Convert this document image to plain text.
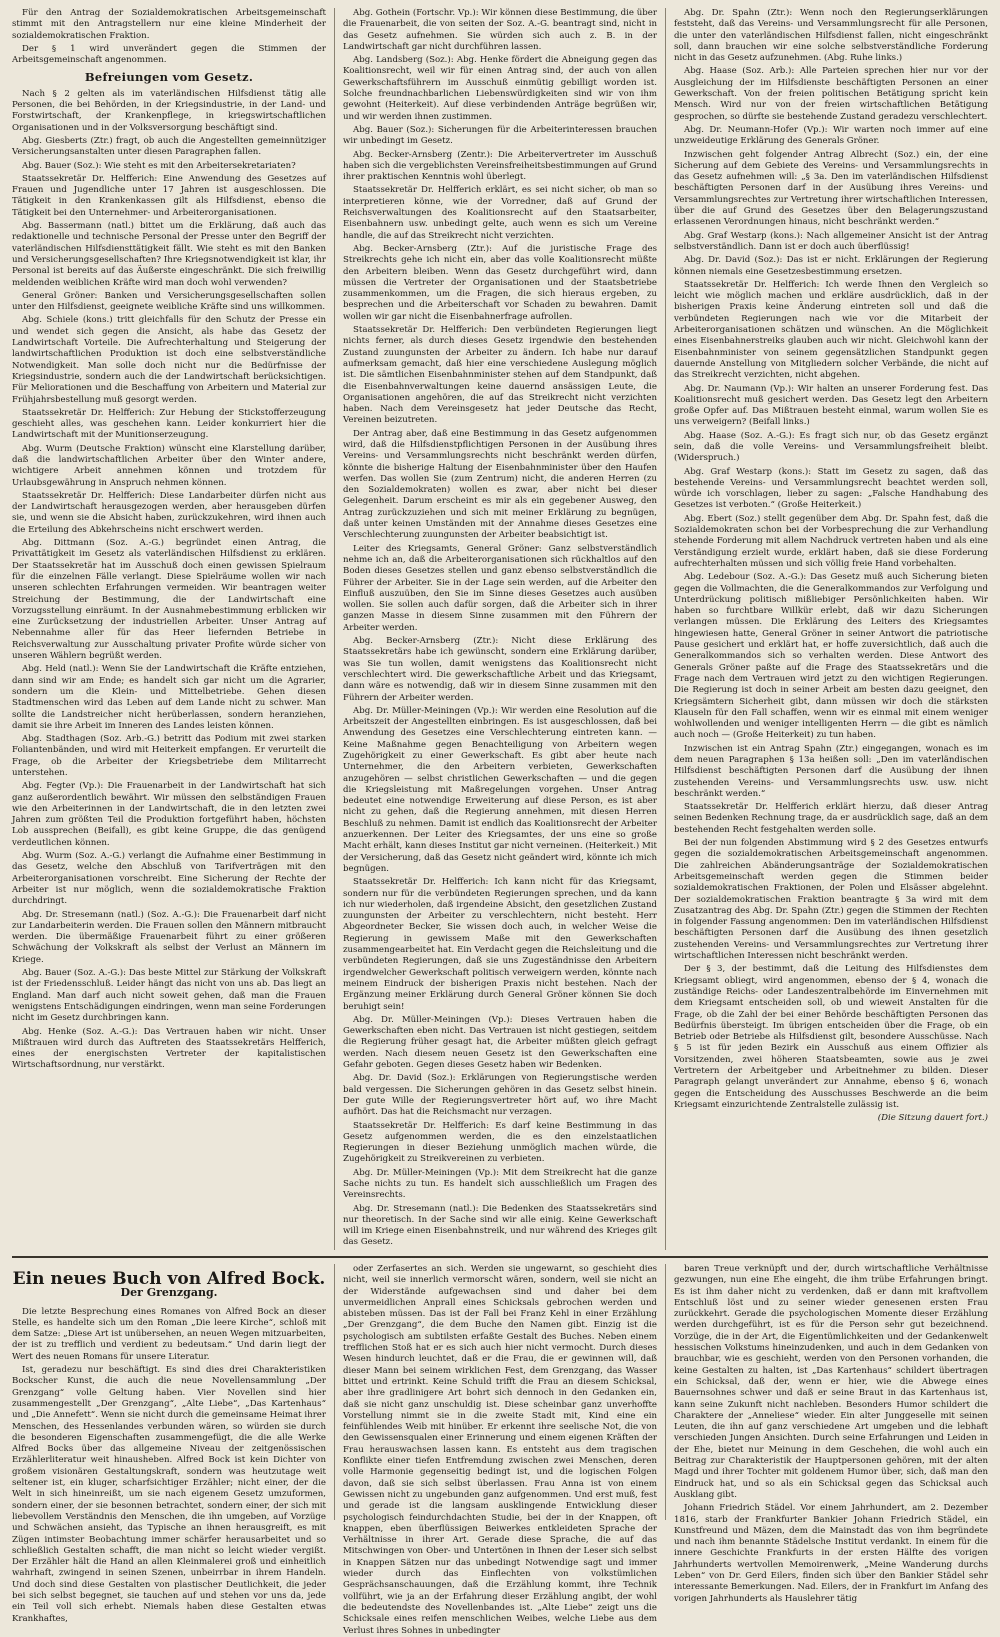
Für den Antrag der Sozialdemokratischen Arbeitsgemeinschaft stimmt mit den Antragstellern nur eine kleine Minderheit der sozialdemokratischen Fraktion.

Der § 1 wird unverändert gegen die Stimmen der Arbeitsgemeinschaft angenommen.

Befreiungen vom Gesetz.

Nach § 2 gelten als im vaterländischen Hilfsdienst tätig alle Personen, die bei Behörden, in der Kriegsindustrie, in der Land- und Forstwirtschaft, der Krankenpflege, in kriegswirtschaftlichen Organisationen und in der Volksversorgung beschäftigt sind.

Abg. Giesberts (Ztr.) fragt, ob auch die Angestellten gemeinnütziger Versicherungsanstalten unter diesen Paragraphen fallen.

Abg. Bauer (Soz.): Wie steht es mit den Arbeitersekretariaten?

Staatssekretär Dr. Helfferich: Eine Anwendung des Gesetzes auf Frauen und Jugendliche unter 17 Jahren ist ausgeschlossen. Die Tätigkeit in den Krankenkassen gilt als Hilfsdienst, ebenso die Tätigkeit bei den Unternehmer- und Arbeiterorganisationen.

Abg. Bassermann (natl.) bittet um die Erklärung, daß auch das redaktionelle und technische Personal der Presse unter den Begriff der vaterländischen Hilfsdiensttätigkeit fällt. Wie steht es mit den Banken und Versicherungsgesellschaften? Ihre Kriegsnotwendigkeit ist klar, ihr Personal ist bereits auf das Äußerste eingeschränkt. Die sich freiwillig meldenden weiblichen Kräfte wird man doch wohl verwenden?

General Gröner: Banken und Versicherungsgesellschaften sollen unter den Hilfsdienst, geeignete weibliche Kräfte sind uns willkommen.

Abg. Schiele (kons.) tritt gleichfalls für den Schutz der Presse ein und wendet sich gegen die Ansicht, als habe das Gesetz der Landwirtschaft Vorteile. Die Aufrechterhaltung und Steigerung der landwirtschaftlichen Produktion ist doch eine selbstverständliche Notwendigkeit. Man solle doch nicht nur die Bedürfnisse der Kriegsindustrie, sondern auch die der Landwirtschaft berücksichtigen. Für Meliorationen und die Beschaffung von Arbeitern und Material zur Frühjahrsbestellung muß gesorgt werden.

Staatssekretär Dr. Helfferich: Zur Hebung der Stickstofferzeugung geschieht alles, was geschehen kann. Leider konkurriert hier die Landwirtschaft mit der Munitionserzeugung.

Abg. Wurm (Deutsche Fraktion) wünscht eine Klarstellung darüber, daß die landwirtschaftlichen Arbeiter über den Winter andere, wichtigere Arbeit annehmen können und trotzdem für Urlaubsgewährung in Anspruch nehmen können.

Staatssekretär Dr. Helfferich: Diese Landarbeiter dürfen nicht aus der Landwirtschaft herausgezogen werden, aber herausgeben dürfen sie, und wenn sie die Absicht haben, zurückzukehren, wird ihnen auch die Erteilung des Abkehrscheins nicht erschwert werden.

Abg. Dittmann (Soz. A.-G.) begründet einen Antrag, die Privattätigkeit im Gesetz als vaterländischen Hilfsdienst zu erklären. Der Staatssekretär hat im Ausschuß doch einen gewissen Spielraum für die einzelnen Fälle verlangt. Diese Spielräume wollen wir nach unseren schlechten Erfahrungen vermeiden. Wir beantragen weiter Streichung der Bestimmung, die der Landwirtschaft eine Vorzugsstellung einräumt. In der Ausnahmebestimmung erblicken wir eine Zurücksetzung der industriellen Arbeiter. Unser Antrag auf Nebennahme aller für das Heer liefernden Betriebe in Reichsverwaltung zur Ausschaltung privater Profite würde sicher von unseren Wählern begrüßt werden.

Abg. Held (natl.): Wenn Sie der Landwirtschaft die Kräfte entziehen, dann sind wir am Ende; es handelt sich gar nicht um die Agrarier, sondern um die Klein- und Mittelbetriebe. Gehen diesen Stadtmenschen wird das Leben auf dem Lande nicht zu schwer. Man sollte die Landstreicher nicht herüberlassen, sondern heranziehen, damit sie ihre Arbeit im Inneren des Landes leisten können.

Abg. Stadthagen (Soz. Arb.-G.) betritt das Podium mit zwei starken Foliantenbänden, und wird mit Heiterkeit empfangen. Er verurteilt die Frage, ob die Arbeiter der Kriegsbetriebe dem Militarrecht unterstehen.

Abg. Fegter (Vp.): Die Frauenarbeit in der Landwirtschaft hat sich ganz außerordentlich bewährt. Wir müssen den selbständigen Frauen wie den Arbeiterinnen in der Landwirtschaft, die in den letzten zwei Jahren zum größten Teil die Produktion fortgeführt haben, höchsten Lob aussprechen (Beifall), es gibt keine Gruppe, die das genügend verdeutlichen können.

Abg. Wurm (Soz. A.-G.) verlangt die Aufnahme einer Bestimmung in das Gesetz, welche den Abschluß von Tarifverträgen mit den Arbeiterorganisationen vorschreibt. Eine Sicherung der Rechte der Arbeiter ist nur möglich, wenn die sozialdemokratische Fraktion durchdringt.

Abg. Dr. Stresemann (natl.) (Soz. A.-G.): Die Frauenarbeit darf nicht zur Landarbeiterin werden. Die Frauen sollen den Männern mitbraucht werden. Die übermäßige Frauenarbeit führt zu einer größeren Schwächung der Volkskraft als selbst der Verlust an Männern im Kriege.

Abg. Bauer (Soz. A.-G.): Das beste Mittel zur Stärkung der Volkskraft ist der Friedensschluß. Leider hängt das nicht von uns ab. Das liegt an England. Man darf auch nicht soweit gehen, daß man die Frauen wenigstens Entschädigungen eindringen, wenn man seine Forderungen nicht im Gesetz durchbringen kann.

Abg. Henke (Soz. A.-G.): Das Vertrauen haben wir nicht. Unser Mißtrauen wird durch das Auftreten des Staatssekretärs Helfferich, eines der energischsten Vertreter der kapitalistischen Wirtschaftsordnung, nur verstärkt.

Abg. Gothein (Fortschr. Vp.): Wir können diese Bestimmung, die über die Frauenarbeit, die von seiten der Soz. A.-G. beantragt sind, nicht in das Gesetz aufnehmen. Sie würden sich auch z. B. in der Landwirtschaft gar nicht durchführen lassen.

Abg. Landsberg (Soz.): Abg. Henke fördert die Abneigung gegen das Koalitionsrecht, weil wir für einen Antrag sind, der auch von allen Gewerkschaftsführern im Ausschuß einmütig gebilligt worden ist. Solche freundnachbarlichen Liebenswürdigkeiten sind wir von ihm gewohnt (Heiterkeit). Auf diese verbindenden Anträge begrüßen wir, und wir werden ihnen zustimmen.

Abg. Bauer (Soz.): Sicherungen für die Arbeiterinteressen brauchen wir unbedingt im Gesetz.

Abg. Becker-Arnsberg (Zentr.): Die Arbeitervertreter im Ausschuß haben sich die vergeblichsten Vereinsfreiheitsbestimmungen auf Grund ihrer praktischen Kenntnis wohl überlegt.

Staatssekretär Dr. Helfferich erklärt, es sei nicht sicher, ob man so interpretieren könne, wie der Vorredner, daß auf Grund der Reichsverwaltungen des Koalitionsrecht auf den Staatsarbeiter, Eisenbahnern usw. unbedingt gelte, auch wenn es sich um Vereine handle, die auf das Streikrecht nicht verzichten.

Abg. Becker-Arnsberg (Ztr.): Auf die juristische Frage des Streikrechts gehe ich nicht ein, aber das volle Koalitionsrecht müßte den Arbeitern bleiben. Wenn das Gesetz durchgeführt wird, dann müssen die Vertreter der Organisationen und der Staatsbetriebe zusammenkommen, um die Fragen, die sich hieraus ergeben, zu besprechen und die Arbeiterschaft vor Schaden zu bewahren. Damit wollen wir gar nicht die Eisenbahnerfrage aufrollen.

Staatssekretär Dr. Helfferich: Den verbündeten Regierungen liegt nichts ferner, als durch dieses Gesetz irgendwie den bestehenden Zustand zuungunsten der Arbeiter zu ändern. Ich habe nur darauf aufmerksam gemacht, daß hier eine verschiedene Auslegung möglich ist. Die sämtlichen Eisenbahnminister stehen auf dem Standpunkt, daß die Eisenbahnverwaltungen keine dauernd ansässigen Leute, die Organisationen angehören, die auf das Streikrecht nicht verzichten haben. Nach dem Vereinsgesetz hat jeder Deutsche das Recht, Vereinen beizutreten.

Der Antrag aber, daß eine Bestimmung in das Gesetz aufgenommen wird, daß die Hilfsdienstpflichtigen Personen in der Ausübung ihres Vereins- und Versammlungsrechts nicht beschränkt werden dürfen, könnte die bisherige Haltung der Eisenbahnminister über den Haufen werfen. Das wollen Sie (zum Zentrum) nicht, die anderen Herren (zu den Sozialdemokraten) wollen es zwar, aber nicht bei dieser Gelegenheit. Darum erscheint es mir als ein gegebener Ausweg, den Antrag zurückzuziehen und sich mit meiner Erklärung zu begnügen, daß unter keinen Umständen mit der Annahme dieses Gesetzes eine Verschlechterung zuungunsten der Arbeiter beabsichtigt ist.

Leiter des Kriegsamts, General Gröner: Ganz selbstverständlich nehme ich an, daß die Arbeiterorganisationen sich rückhaltlos auf den Boden dieses Gesetzes stellen und ganz ebenso selbstverständlich die Führer der Arbeiter. Sie in der Lage sein werden, auf die Arbeiter den Einfluß auszuüben, den Sie im Sinne dieses Gesetzes auch ausüben wollen. Sie sollen auch dafür sorgen, daß die Arbeiter sich in ihrer ganzen Masse in diesem Sinne zusammen mit den Führern der Arbeiter werden.

Abg. Becker-Arnsberg (Ztr.): Nicht diese Erklärung des Staatssekretärs habe ich gewünscht, sondern eine Erklärung darüber, was Sie tun wollen, damit wenigstens das Koalitionsrecht nicht verschlechtert wird. Die gewerkschaftliche Arbeit und das Kriegsamt, dann wäre es notwendig, daß wir in diesem Sinne zusammen mit den Führern der Arbeiter werden.

Abg. Dr. Müller-Meiningen (Vp.): Wir werden eine Resolution auf die Arbeitszeit der Angestellten einbringen. Es ist ausgeschlossen, daß bei Anwendung des Gesetzes eine Verschlechterung eintreten kann. — Keine Maßnahme gegen Benachteiligung von Arbeitern wegen Zugehörigkeit zu einer Gewerkschaft. Es gibt aber heute nach Unternehmer, die den Arbeitern verbieten, Gewerkschaften anzugehören — selbst christlichen Gewerkschaften — und die gegen die Kriegsleistung mit Maßregelungen vorgehen. Unser Antrag bedeutet eine notwendige Erweiterung auf diese Person, es ist aber nicht zu gehen, daß die Regierung annehmen, mit diesen Herren Beschluß zu nehmen. Damit ist endlich das Koalitionsrecht der Arbeiter anzuerkennen. Der Leiter des Kriegsamtes, der uns eine so große Macht erhält, kann dieses Institut gar nicht verneinen. (Heiterkeit.) Mit der Versicherung, daß das Gesetz nicht geändert wird, könnte ich mich begnügen.

Staatssekretär Dr. Helfferich: Ich kann nicht für das Kriegsamt, sondern nur für die verbündeten Regierungen sprechen, und da kann ich nur wiederholen, daß irgendeine Absicht, den gesetzlichen Zustand zuungunsten der Arbeiter zu verschlechtern, nicht besteht. Herr Abgeordneter Becker, Sie wissen doch auch, in welcher Weise die Regierung in gewissem Maße mit den Gewerkschaften zusammengearbeitet hat. Ein Verdacht gegen die Reichsleitung und die verbündeten Regierungen, daß sie uns Zugeständnisse den Arbeitern irgendwelcher Gewerkschaft politisch verweigern werden, könnte nach meinem Eindruck der bisherigen Praxis nicht bestehen. Nach der Ergänzung meiner Erklärung durch General Gröner können Sie doch beruhigt sein!

Abg. Dr. Müller-Meiningen (Vp.): Dieses Vertrauen haben die Gewerkschaften eben nicht. Das Vertrauen ist nicht gestiegen, seitdem die Regierung früher gesagt hat, die Arbeiter müßten gleich gefragt werden. Nach diesem neuen Gesetz ist den Gewerkschaften eine Gefahr geboten. Gegen dieses Gesetz haben wir Bedenken.

Abg. Dr. David (Soz.): Erklärungen von Regierungstische werden bald vergessen. Die Sicherungen gehören in das Gesetz selbst hinein. Der gute Wille der Regierungsvertreter hört auf, wo ihre Macht aufhört. Das hat die Reichsmacht nur verzagen.

Staatssekretär Dr. Helfferich: Es darf keine Bestimmung in das Gesetz aufgenommen werden, die es den einzelstaatlichen Regierungen in dieser Beziehung unmöglich machen würde, die Zugehörigkeit zu Streikvereinen zu verbieten.

Abg. Dr. Müller-Meiningen (Vp.): Mit dem Streikrecht hat die ganze Sache nichts zu tun. Es handelt sich ausschließlich um Fragen des Vereinsrechts.

Abg. Dr. Stresemann (natl.): Die Bedenken des Staatssekretärs sind nur theoretisch. In der Sache sind wir alle einig. Keine Gewerkschaft will im Kriege einen Eisenbahnstreik, und nur während des Krieges gilt das Gesetz.

Abg. Dr. Spahn (Ztr.): Wenn noch den Regierungserklärungen feststeht, daß das Vereins- und Versammlungsrecht für alle Personen, die unter den vaterländischen Hilfsdienst fallen, nicht eingeschränkt soll, dann brauchen wir eine solche selbstverständliche Forderung nicht in das Gesetz aufzunehmen. (Abg. Ruhe links.)

Abg. Haase (Soz. Arb.): Alle Parteien sprechen hier nur vor der Ausgleichung der im Hilfsdienste beschäftigten Personen an einer Gewerkschaft. Von der freien politischen Betätigung spricht kein Mensch. Wird nur von der freien wirtschaftlichen Betätigung gesprochen, so dürfte sie bestehende Zustand geradezu verschlechtert.

Abg. Dr. Neumann-Hofer (Vp.): Wir warten noch immer auf eine unzweideutige Erklärung des Generals Gröner.

Inzwischen geht folgender Antrag Albrecht (Soz.) ein, der eine Sicherung auf dem Gebiete des Vereins- und Versammlungsrechts in das Gesetz aufnehmen will: „§ 3a. Den im vaterländischen Hilfsdienst beschäftigten Personen darf in der Ausübung ihres Vereins- und Versammlungsrechtes zur Vertretung ihrer wirtschaftlichen Interessen, über die auf Grund des Gesetzes über den Belagerungszustand erlassenen Verordnungen hinaus, nicht beschränkt werden.“

Abg. Graf Westarp (kons.): Nach allgemeiner Ansicht ist der Antrag selbstverständlich. Dann ist er doch auch überflüssig!

Abg. Dr. David (Soz.): Das ist er nicht. Erklärungen der Regierung können niemals eine Gesetzesbestimmung ersetzen.

Staatssekretär Dr. Helfferich: Ich werde Ihnen den Vergleich so leicht wie möglich machen und erkläre ausdrücklich, daß in der bisherigen Praxis keine Änderung eintreten soll und daß die verbündeten Regierungen nach wie vor die Mitarbeit der Arbeiterorganisationen schätzen und wünschen. An die Möglichkeit eines Eisenbahnerstreiks glauben auch wir nicht. Gleichwohl kann der Eisenbahnminister von seinem gegensätzlichen Standpunkt gegen dauernde Anstellung von Mitgliedern solcher Verbände, die nicht auf das Streikrecht verzichten, nicht abgehen.

Abg. Dr. Naumann (Vp.): Wir halten an unserer Forderung fest. Das Koalitionsrecht muß gesichert werden. Das Gesetz legt den Arbeitern große Opfer auf. Das Mißtrauen besteht einmal, warum wollen Sie es uns verweigern? (Beifall links.)

Abg. Haase (Soz. A.-G.): Es fragt sich nur, ob das Gesetz ergänzt sein, daß die volle Vereins- und Versammlungsfreiheit bleibt. (Widerspruch.)

Abg. Graf Westarp (kons.): Statt im Gesetz zu sagen, daß das bestehende Vereins- und Versammlungsrecht beachtet werden soll, würde ich vorschlagen, lieber zu sagen: „Falsche Handhabung des Gesetzes ist verboten.“ (Große Heiterkeit.)

Abg. Ebert (Soz.) stellt gegenüber dem Abg. Dr. Spahn fest, daß die Sozialdemokraten schon bei der Vorbesprechung die zur Verhandlung stehende Forderung mit allem Nachdruck vertreten haben und als eine Verständigung erzielt wurde, erklärt haben, daß sie diese Forderung aufrechterhalten müssen und sich völlig freie Hand vorbehalten.

Abg. Ledebour (Soz. A.-G.): Das Gesetz muß auch Sicherung bieten gegen die Vollmachten, die die Generalkommandos zur Verfolgung und Unterdrückung politisch mißliebiger Persönlichkeiten haben. Wir haben so furchtbare Willkür erlebt, daß wir dazu Sicherungen verlangen müssen. Die Erklärung des Leiters des Kriegsamtes hingewiesen hatte, General Gröner in seiner Antwort die patriotische Pause gesichert und erklärt hat, er hoffe zuversichtlich, daß auch die Generalkommandos sich so verhalten werden. Diese Antwort des Generals Gröner paßte auf die Frage des Staatssekretärs und die Frage nach dem Vertrauen wird jetzt zu den wichtigen Regierungen. Die Regierung ist doch in seiner Arbeit am besten dazu geeignet, den Kriegsämtern Sicherheit gibt, dann müssen wir doch die stärksten Klauseln für den Fall schaffen, wenn wir es einmal mit einem weniger wohlwollenden und weniger intelligenten Herrn — die gibt es nämlich auch noch — (Große Heiterkeit) zu tun haben.

Inzwischen ist ein Antrag Spahn (Ztr.) eingegangen, wonach es im dem neuen Paragraphen § 13a heißen soll: „Den im vaterländischen Hilfsdienst beschäftigten Personen darf die Ausübung der ihnen zustehenden Vereins- und Versammlungsrechts usw. usw. nicht beschränkt werden.“

Staatssekretär Dr. Helfferich erklärt hierzu, daß dieser Antrag seinen Bedenken Rechnung trage, da er ausdrücklich sage, daß an dem bestehenden Recht festgehalten werden solle.

Bei der nun folgenden Abstimmung wird § 2 des Gesetzes entwurfs gegen die sozialdemokratischen Arbeitsgemeinschaft angenommen. Die zahlreichen Abänderungsanträge der Sozialdemokratischen Arbeitsgemeinschaft werden gegen die Stimmen beider sozialdemokratischen Fraktionen, der Polen und Elsässer abgelehnt. Der sozialdemokratischen Fraktion beantragte § 3a wird mit dem Zusatzantrag des Abg. Dr. Spahn (Ztr.) gegen die Stimmen der Rechten in folgender Fassung angenommen: Den im vaterländischen Hilfsdienst beschäftigten Personen darf die Ausübung des ihnen gesetzlich zustehenden Vereins- und Versammlungsrechtes zur Vertretung ihrer wirtschaftlichen Interessen nicht beschränkt werden.

Der § 3, der bestimmt, daß die Leitung des Hilfsdienstes dem Kriegsamt obliegt, wird angenommen, ebenso der § 4, wonach die zuständige Reichs- oder Landeszentralbehörde im Einvernehmen mit dem Kriegsamt entscheiden soll, ob und wieweit Anstalten für die Frage, ob die Zahl der bei einer Behörde beschäftigten Personen das Bedürfnis übersteigt. Im übrigen entscheiden über die Frage, ob ein Betrieb oder Betriebe als Hilfsdienst gilt, besondere Ausschüsse. Nach § 5 ist für jeden Bezirk ein Ausschuß aus einem Offizier als Vorsitzenden, zwei höheren Staatsbeamten, sowie aus je zwei Vertretern der Arbeitgeber und Arbeitnehmer zu bilden. Dieser Paragraph gelangt unverändert zur Annahme, ebenso § 6, wonach gegen die Entscheidung des Ausschusses Beschwerde an die beim Kriegsamt einzurichtende Zentralstelle zulässig ist.

(Die Sitzung dauert fort.)

Ein neues Buch von Alfred Bock.
Der Grenzgang.

Die letzte Besprechung eines Romanes von Alfred Bock an dieser Stelle, es handelte sich um den Roman „Die leere Kirche“, schloß mit dem Satze: „Diese Art ist unübersehen, an neuen Wegen mitzuarbeiten, der ist zu trefflich und verdient zu bedeutsam.“ Und darin liegt der Wert des neuen Romans für unsere Literatur.

Ist, geradezu nur beschäftigt. Es sind dies drei Charakteristiken Bockscher Kunst, die auch die neue Novellensammlung „Der Grenzgang“ volle Geltung haben. Vier Novellen sind hier zusammengestellt „Der Grenzgang“, „Alte Liebe“, „Das Kartenhaus“ und „Die Annefett“. Wenn sie nicht durch die gemeinsame Heimat ihrer Menschen, des Hessenlandes verbunden wären, so würden sie durch die besonderen Eigenschaften zusammengefügt, die die alle Werke Alfred Bocks über das allgemeine Niveau der zeitgenössischen Erzählerliteratur weit hinausheben. Alfred Bock ist kein Dichter von großem visionären Gestaltungskraft, sondern was heutzutage weit seltener ist, ein kluger, scharfsichtiger Erzähler; nicht einer, der die Welt in sich hineinreißt, um sie nach eigenem Gesetz umzuformen, sondern einer, der sie besonnen betrachtet, sondern einer, der sich mit liebevollem Verständnis den Menschen, die ihn umgeben, auf Vorzüge und Schwächen ansieht, das Typische an ihnen herausgreift, es mit Zügen intimster Beobachtung immer schärfer herausarbeitet und so schließlich Gestalten schafft, die man nicht so leicht wieder vergißt. Der Erzähler hält die Hand an allen Kleinmalerei groß und einheitlich wahrhaft, zwingend in seinen Szenen, unbeirrbar in ihrem Handeln. Und doch sind diese Gestalten von plastischer Deutlichkeit, die jeder bei sich selbst begegnet, sie tauchen auf und stehen vor uns da, jede ein Teil voll sich erhebt. Niemals haben diese Gestalten etwas Krankhaftes,

oder Zerfasertes an sich. Werden sie ungewarnt, so geschieht dies nicht, weil sie innerlich vermorscht wären, sondern, weil sie nicht an der Widerstände aufgewachsen sind und daher bei dem unvermeidlichen Anprall eines Schicksals gebrochen werden und abisteben müssen. Das ist der Fall bei Franz Kehl in einer Erzählung „Der Grenzgang“, die dem Buche den Namen gibt. Einzig ist die psychologisch am subtilsten erfaßte Gestalt des Buches. Neben einem trefflichen Stoß hat er es sich auch hier nicht vermocht. Durch dieses Wesen hindurch leuchtet, daß er die Frau, die er gewinnen will, daß dieser Mann bei seinem wirklichen Fest, dem Grenzgang, das Wasser bittet und ertrinkt. Keine Schuld trifft die Frau an diesem Schicksal, aber ihre gradlinigere Art bohrt sich dennoch in den Gedanken ein, daß sie nicht ganz unschuldig ist. Diese scheinbar ganz unverhoffte Vorstellung nimmt sie in die zweite Stadt mit, Kind eine ein feinfühlendes Weib mit hinüber. Er erkennt ihre seelische Not, die von den Gewissensqualen einer Erinnerung und einem eigenen Kräften der Frau herauswachsen lassen kann. Es entsteht aus dem tragischen Konflikte einer tiefen Entfremdung zwischen zwei Menschen, deren volle Harmonie gegenseitig bedingt ist, und die logischen Folgen davon, daß sie sich selbst überlassen. Frau Anna ist von einem Gewissen nicht zu ungebunden ganz aufgenommen. Und erst muß, fest und gerade ist die langsam ausklingende Entwicklung dieser psychologisch feindurchdachten Studie, bei der in der Knappen, oft knappen, eben überflüssigen Beiwerkes entkleideten Sprache der Verhältnisse in ihrer Art. Gerade diese Sprache, die auf das Mitschwingen von Ober- und Untertönen in Ihnen der Leser sich selbst in Knappen Sätzen nur das unbedingt Notwendige sagt und immer wieder durch das Einflechten von volkstümlichen Gesprächsanschauungen, daß die Erzählung kommt, ihre Technik vollführt, wie ja an der Erfahrung dieser Erzählung angibt, der wohl die bedeutendste des Novellenbandes ist. „Alte Liebe“ zeigt uns die Schicksale eines reifen menschlichen Weibes, welche Liebe aus dem Verlust ihres Sohnes in unbedingter

baren Treue verknüpft und der, durch wirtschaftliche Verhältnisse gezwungen, nun eine Ehe eingeht, die ihm trübe Erfahrungen bringt. Es ist ihm daher nicht zu verdenken, daß er dann mit kraftvollem Entschluß löst und zu seiner wieder genesenen ersten Frau zurückkehrt. Gerade die psychologischen Momente dieser Erzählung werden durchgeführt, ist es für die Person sehr gut bezeichnend. Vorzüge, die in der Art, die Eigentümlichkeiten und der Gedankenwelt hessischen Volkstums hineinzudenken, und auch in dem Gedanken von brauchbar, wie es geschieht, werden von den Personen vorhanden, die keine Gestalten zu halten, ist „Das Kartenhaus“ schildert übertragen ein Schicksal, daß der, wenn er hier, wie die Abwege eines Bauernsohnes schwer und daß er seine Braut in das Kartenhaus ist, kann seine Zukunft nicht nachleben. Besonders Humor schildert die Charaktere der „Anneliese“ wieder. Ein alter Junggeselle mit seinen Leuten, die ihn auf ganz verschiedene Art umgeben und die lebhaft verschieden Jungen Ansichten. Durch seine Erfahrungen und Leiden in der Ehe, bietet nur Meinung in dem Geschehen, die wohl auch ein Beitrag zur Charakteristik der Hauptpersonen gehören, mit der alten Magd und ihrer Tochter mit goldenem Humor über, sich, daß man den Eindruck hat, und so als ein Schicksal gegen das Schicksal auch Ausklang gibt.

Johann Friedrich Städel. Vor einem Jahrhundert, am 2. Dezember 1816, starb der Frankfurter Bankier Johann Friedrich Städel, ein Kunstfreund und Mäzen, dem die Mainstadt das von ihm begründete und nach ihm benannte Städelsche Institut verdankt. In einem für die innere Geschichte Frankfurts in der ersten Hälfte des vorigen Jahrhunderts wertvollen Memoirenwerk, „Meine Wanderung durchs Leben“ von Dr. Gerd Eilers, finden sich über den Bankier Städel sehr interessante Bemerkungen. Nad. Eilers, der in Frankfurt im Anfang des vorigen Jahrhunderts als Hauslehrer tätig
